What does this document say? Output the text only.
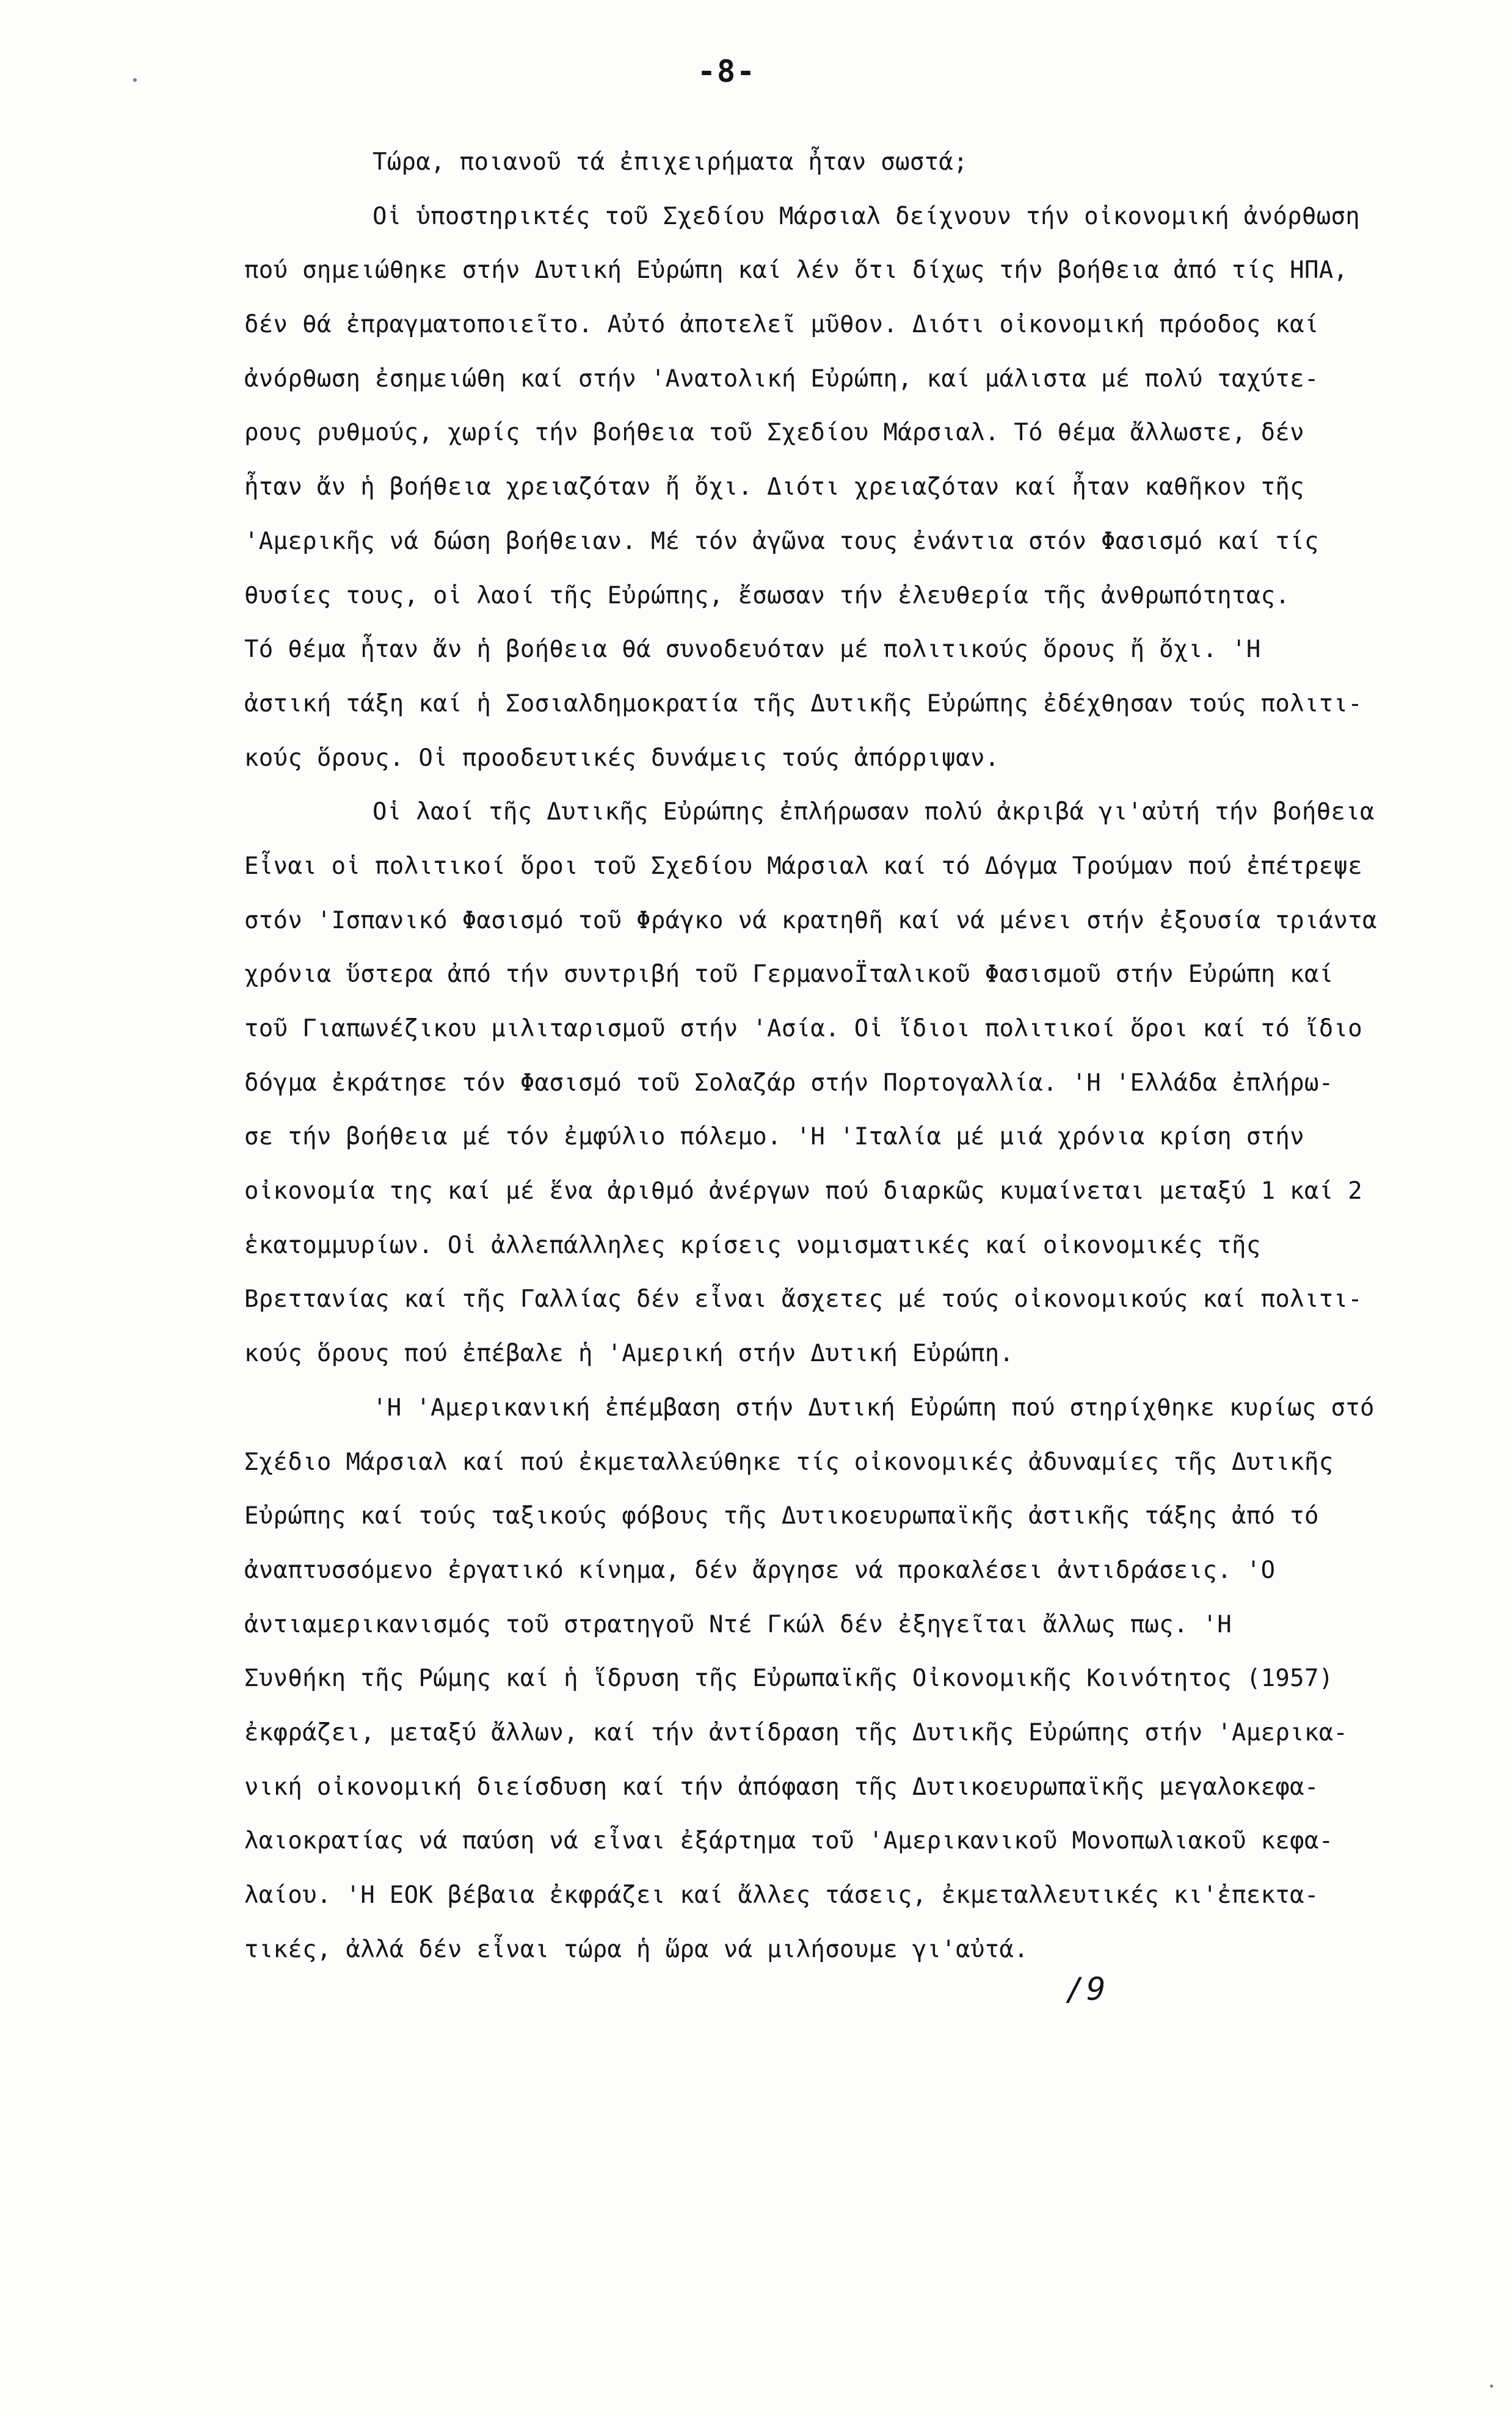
-8-
Τώρα, ποιανοῦ τά ἐπιχειρήματα ἦταν σωστά;
Οἱ ὑποστηρικτές τοῦ Σχεδίου Μάρσιαλ δείχνουν τήν οἰκονομική ἀνόρθωση
πού σημειώθηκε στήν Δυτική Εὐρώπη καί λέν ὅτι δίχως τήν βοήθεια ἀπό τίς ΗΠΑ,
δέν θά ἐπραγματοποιεῖτο. Αὐτό ἀποτελεῖ μῦθον. Διότι οἰκονομική πρόοδος καί
ἀνόρθωση ἐσημειώθη καί στήν 'Ανατολική Εὐρώπη, καί μάλιστα μέ πολύ ταχύτε-
ρους ρυθμούς, χωρίς τήν βοήθεια τοῦ Σχεδίου Μάρσιαλ. Τό θέμα ἄλλωστε, δέν
ἦταν ἄν ἡ βοήθεια χρειαζόταν ἤ ὄχι. Διότι χρειαζόταν καί ἦταν καθῆκον τῆς
'Αμερικῆς νά δώση βοήθειαν. Μέ τόν ἀγῶνα τους ἐνάντια στόν Φασισμό καί τίς
θυσίες τους, οἱ λαοί τῆς Εὐρώπης, ἔσωσαν τήν ἐλευθερία τῆς ἀνθρωπότητας.
Τό θέμα ἦταν ἄν ἡ βοήθεια θά συνοδευόταν μέ πολιτικούς ὅρους ἤ ὄχι. 'Η
ἀστική τάξη καί ἡ Σοσιαλδημοκρατία τῆς Δυτικῆς Εὐρώπης ἐδέχθησαν τούς πολιτι-
κούς ὅρους. Οἱ προοδευτικές δυνάμεις τούς ἀπόρριψαν.
Οἱ λαοί τῆς Δυτικῆς Εὐρώπης ἐπλήρωσαν πολύ ἀκριβά γι'αὐτή τήν βοήθεια
Εἶναι οἱ πολιτικοί ὅροι τοῦ Σχεδίου Μάρσιαλ καί τό Δόγμα Τρούμαν πού ἐπέτρεψε
στόν 'Ισπανικό Φασισμό τοῦ Φράγκο νά κρατηθῆ καί νά μένει στήν ἐξουσία τριάντα
χρόνια ὕστερα ἀπό τήν συντριβή τοῦ ΓερμανοΪταλικοῦ Φασισμοῦ στήν Εὐρώπη καί
τοῦ Γιαπωνέζικου μιλιταρισμοῦ στήν 'Ασία. Οἱ ἴδιοι πολιτικοί ὅροι καί τό ἴδιο
δόγμα ἐκράτησε τόν Φασισμό τοῦ Σολαζάρ στήν Πορτογαλλία. 'Η 'Ελλάδα ἐπλήρω-
σε τήν βοήθεια μέ τόν ἐμφύλιο πόλεμο. 'Η 'Ιταλία μέ μιά χρόνια κρίση στήν
οἰκονομία της καί μέ ἕνα ἀριθμό ἀνέργων πού διαρκῶς κυμαίνεται μεταξύ 1 καί 2
ἑκατομμυρίων. Οἱ ἀλλεπάλληλες κρίσεις νομισματικές καί οἰκονομικές τῆς
Βρεττανίας καί τῆς Γαλλίας δέν εἶναι ἄσχετες μέ τούς οἰκονομικούς καί πολιτι-
κούς ὅρους πού ἐπέβαλε ἡ 'Αμερική στήν Δυτική Εὐρώπη.
'Η 'Αμερικανική ἐπέμβαση στήν Δυτική Εὐρώπη πού στηρίχθηκε κυρίως στό
Σχέδιο Μάρσιαλ καί πού ἐκμεταλλεύθηκε τίς οἰκονομικές ἀδυναμίες τῆς Δυτικῆς
Εὐρώπης καί τούς ταξικούς φόβους τῆς Δυτικοευρωπαϊκῆς ἀστικῆς τάξης ἀπό τό
ἀναπτυσσόμενο ἐργατικό κίνημα, δέν ἄργησε νά προκαλέσει ἀντιδράσεις. 'Ο
ἀντιαμερικανισμός τοῦ στρατηγοῦ Ντέ Γκώλ δέν ἐξηγεῖται ἄλλως πως. 'Η
Συνθήκη τῆς Ρώμης καί ἡ ἵδρυση τῆς Εὐρωπαϊκῆς Οἰκονομικῆς Κοινότητος (1957)
ἐκφράζει, μεταξύ ἄλλων, καί τήν ἀντίδραση τῆς Δυτικῆς Εὐρώπης στήν 'Αμερικα-
νική οἰκονομική διείσδυση καί τήν ἀπόφαση τῆς Δυτικοευρωπαϊκῆς μεγαλοκεφα-
λαιοκρατίας νά παύση νά εἶναι ἐξάρτημα τοῦ 'Αμερικανικοῦ Μονοπωλιακοῦ κεφα-
λαίου. 'Η ΕΟΚ βέβαια ἐκφράζει καί ἄλλες τάσεις, ἐκμεταλλευτικές κι'ἐπεκτα-
τικές, ἀλλά δέν εἶναι τώρα ἡ ὥρα νά μιλήσουμε γι'αὐτά.
/9
